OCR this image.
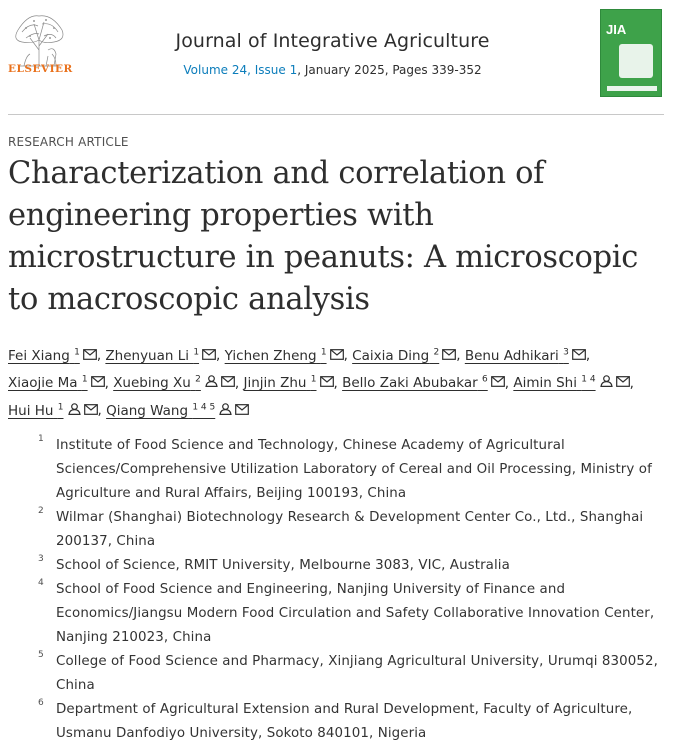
ELSEVIER
Journal of Integrative Agriculture
Volume 24, Issue 1, January 2025, Pages 339-352
JIA
RESEARCH ARTICLE
Characterization and correlation of engineering properties with microstructure in peanuts: A microscopic to macroscopic analysis
Fei Xiang $^1$ , Zhenyuan Li $^1$ , Yichen Zheng $^1$ , Caixia Ding $^2$ , Benu Adhikari $^3$ , Xiaojie Ma $^1$ , Xuebing Xu $^2$	, Jinjin Zhu $^1$ , Bello Zaki Abubakar $^6$ , Aimin Shi $^{1 4}$	, Hui Hu $^1$	, Qiang Wang $^{1 4 5}$
1 Institute of Food Science and Technology, Chinese Academy of Agricultural Sciences/Comprehensive Utilization Laboratory of Cereal and Oil Processing, Ministry of Agriculture and Rural Affairs, Beijing 100193, China

2 Wilmar (Shanghai) Biotechnology Research & Development Center Co., Ltd., Shanghai 200137, China

3 School of Science, RMIT University, Melbourne 3083, VIC, Australia

4 School of Food Science and Engineering, Nanjing University of Finance and Economics/Jiangsu Modern Food Circulation and Safety Collaborative Innovation Center, Nanjing 210023, China

5 College of Food Science and Pharmacy, Xinjiang Agricultural University, Urumqi 830052, China

6 Department of Agricultural Extension and Rural Development, Faculty of Agriculture, Usmanu Danfodiyo University, Sokoto 840101, Nigeria
